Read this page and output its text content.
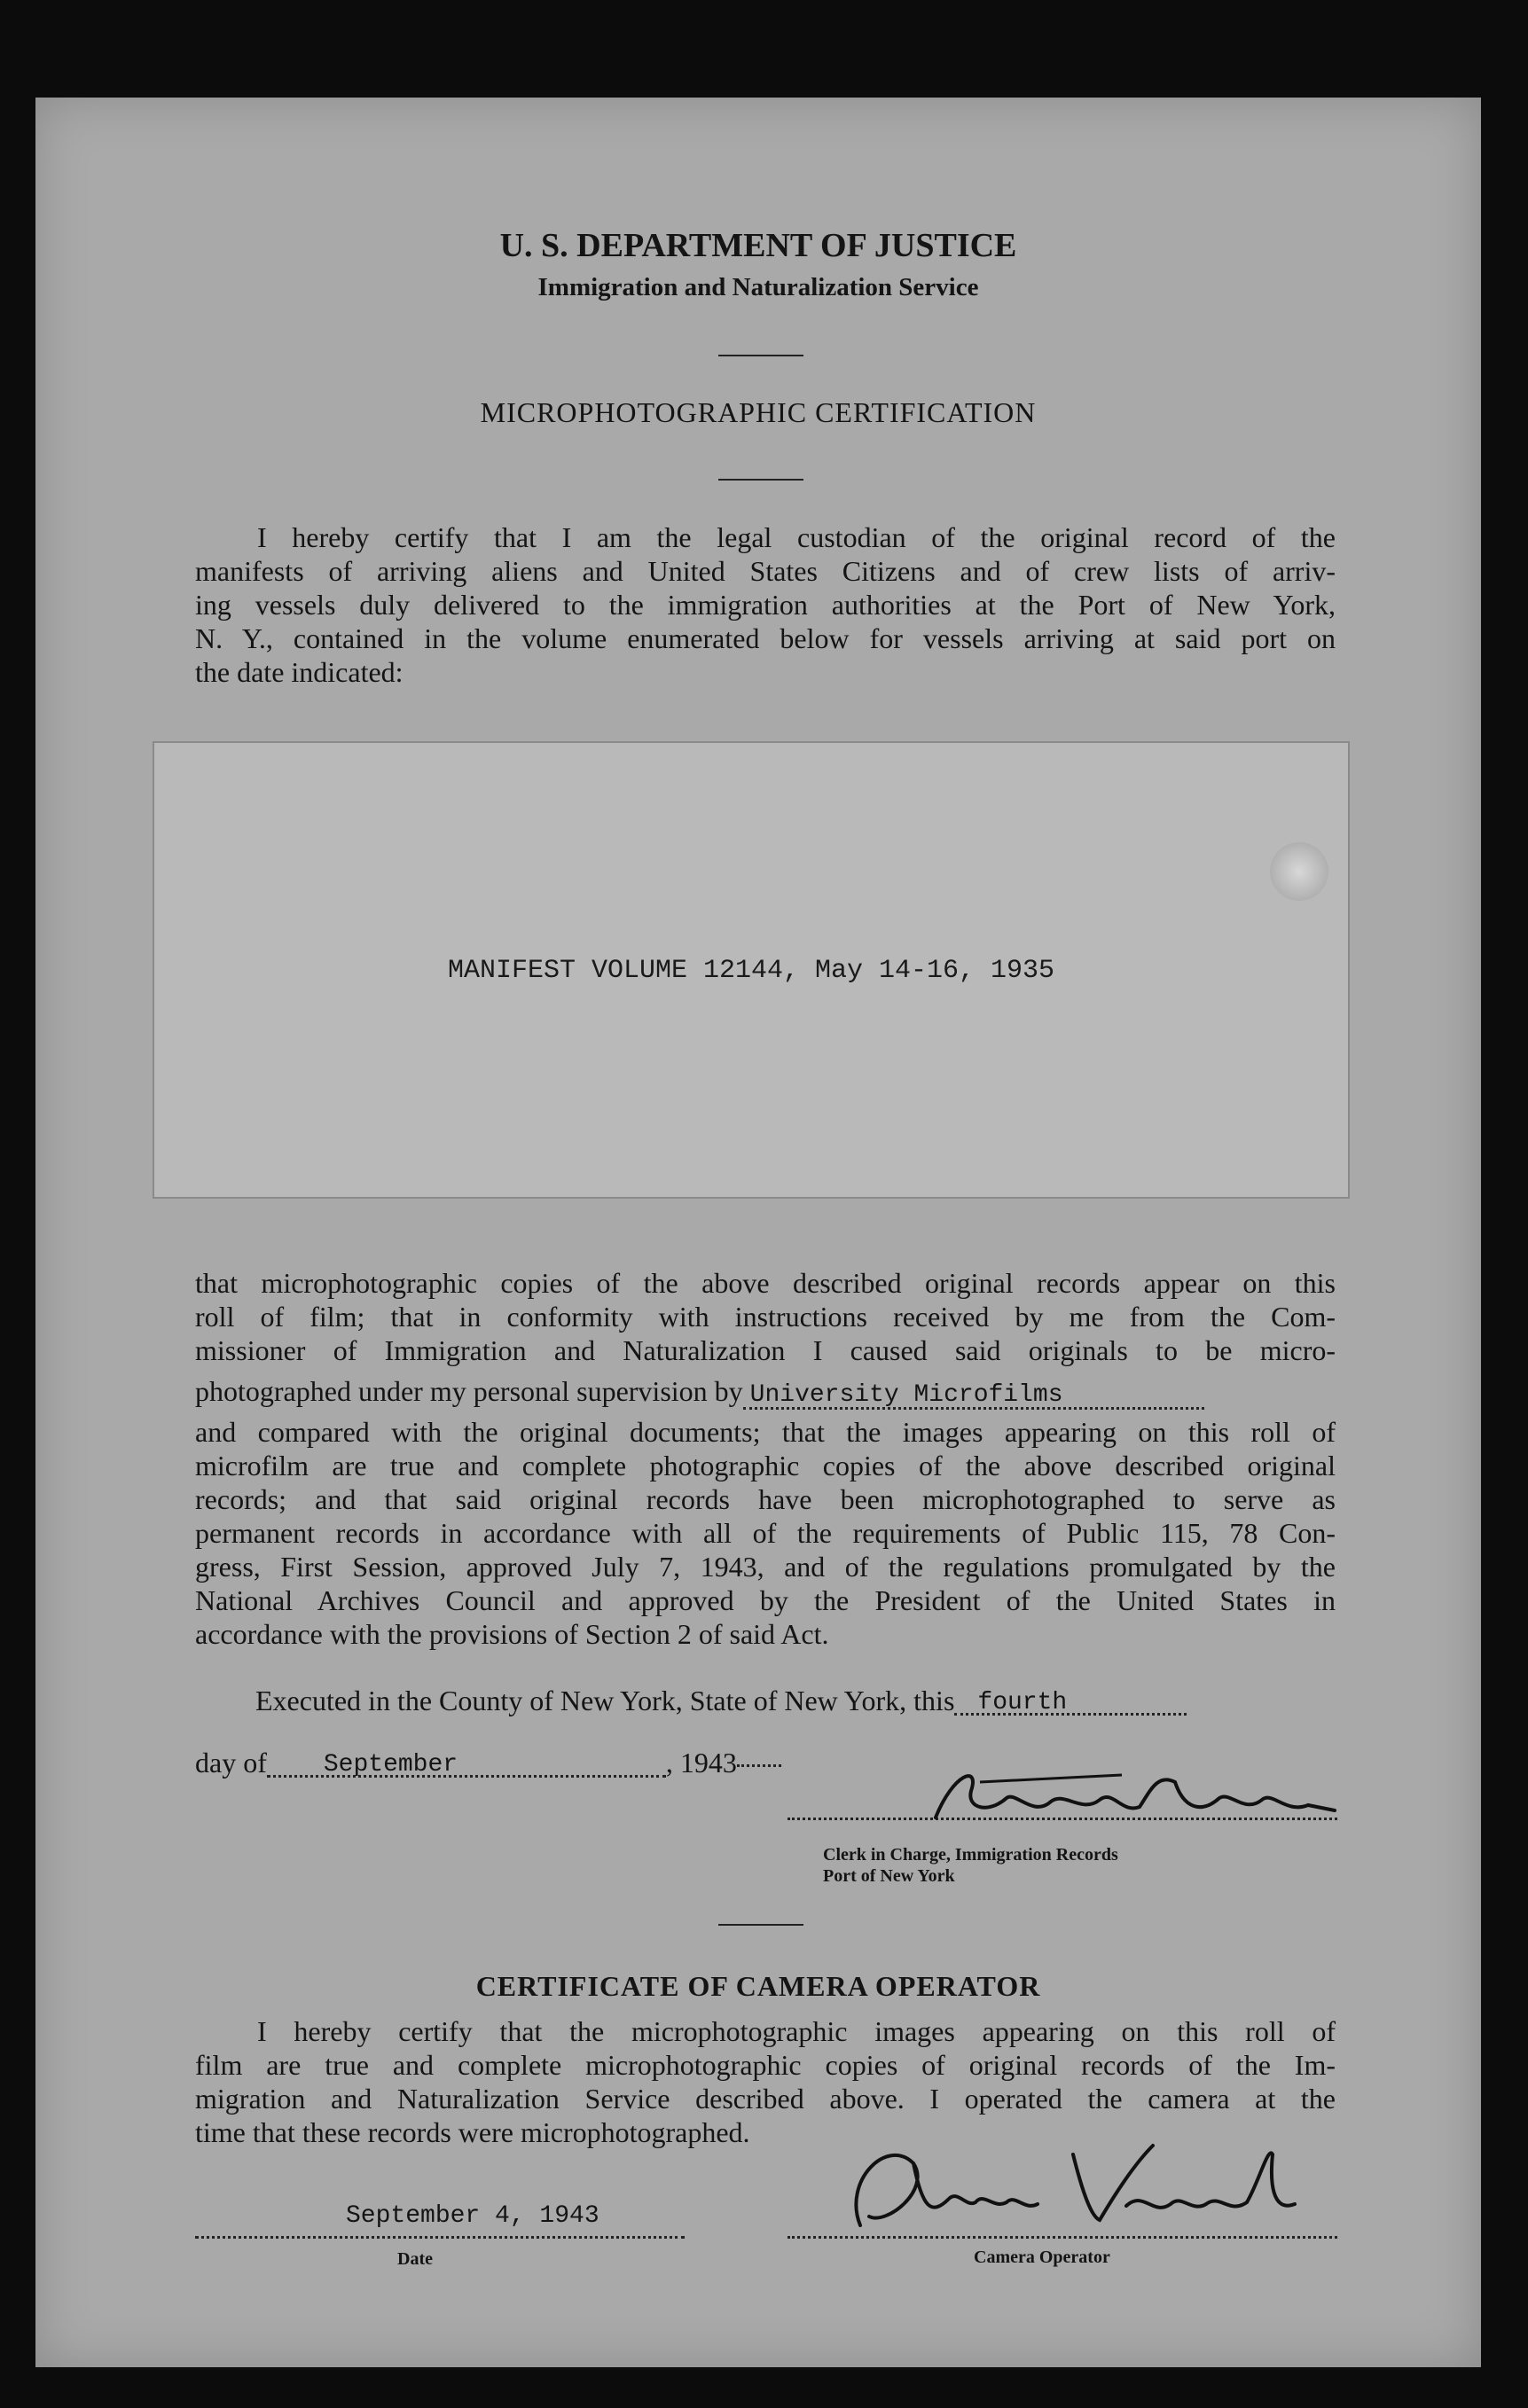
U. S. DEPARTMENT OF JUSTICE
Immigration and Naturalization Service
MICROPHOTOGRAPHIC CERTIFICATION
I hereby certify that I am the legal custodian of the original record of the
manifests of arriving aliens and United States Citizens and of crew lists of arriv-
ing vessels duly delivered to the immigration authorities at the Port of New York,
N. Y., contained in the volume enumerated below for vessels arriving at said port on
the date indicated:
MANIFEST VOLUME 12144, May 14-16, 1935
that microphotographic copies of the above described original records appear on this
roll of film; that in conformity with instructions received by me from the Com-
missioner of Immigration and Naturalization I caused said originals to be micro-
photographed under my personal supervision by University Microfilms
and compared with the original documents; that the images appearing on this roll of
microfilm are true and complete photographic copies of the above described original
records; and that said original records have been microphotographed to serve as
permanent records in accordance with all of the requirements of Public 115, 78 Con-
gress, First Session, approved July 7, 1943, and of the regulations promulgated by the
National Archives Council and approved by the President of the United States in
accordance with the provisions of Section 2 of said Act.
Executed in the County of New York, State of New York, this fourth
day of September	, 1943
Clerk in Charge, Immigration Records
Port of New York
CERTIFICATE OF CAMERA OPERATOR
I hereby certify that the microphotographic images appearing on this roll of
film are true and complete microphotographic copies of original records of the Im-
migration and Naturalization Service described above. I operated the camera at the
time that these records were microphotographed.
September 4, 1943
Date	Camera Operator
